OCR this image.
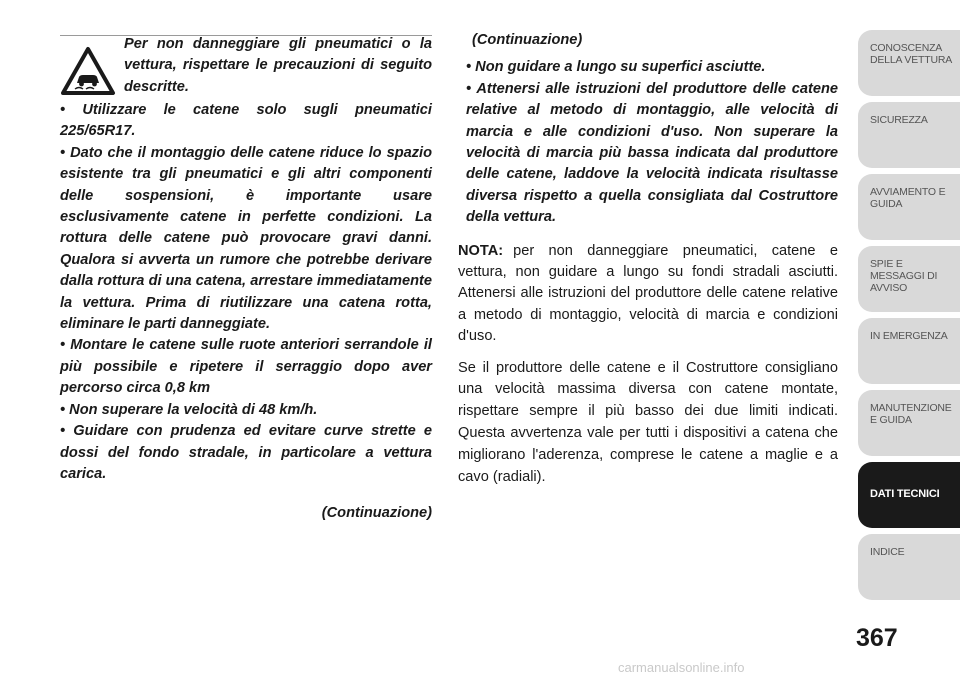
Per non danneggiare gli pneumatici o la vettura, rispettare le precauzioni di seguito descritte.
• Utilizzare le catene solo sugli pneumatici 225/65R17.
• Dato che il montaggio delle catene riduce lo spazio esistente tra gli pneumatici e gli altri componenti delle sospensioni, è importante usare esclusivamente catene in perfette condizioni. La rottura delle catene può provocare gravi danni. Qualora si avverta un rumore che potrebbe derivare dalla rottura di una catena, arrestare immediatamente la vettura. Prima di riutilizzare una catena rotta, eliminare le parti danneggiate.
• Montare le catene sulle ruote anteriori serrandole il più possibile e ripetere il serraggio dopo aver percorso circa 0,8 km
• Non superare la velocità di 48 km/h.
• Guidare con prudenza ed evitare curve strette e dossi del fondo stradale, in particolare a vettura carica.
(Continuazione)
(Continuazione)
• Non guidare a lungo su superfici asciutte.
• Attenersi alle istruzioni del produttore delle catene relative al metodo di montaggio, alle velocità di marcia e alle condizioni d'uso. Non superare la velocità di marcia più bassa indicata dal produttore delle catene, laddove la velocità indicata risultasse diversa rispetto a quella consigliata dal Costruttore della vettura.
NOTA: per non danneggiare pneumatici, catene e vettura, non guidare a lungo su fondi stradali asciutti. Attenersi alle istruzioni del produttore delle catene relative a metodo di montaggio, velocità di marcia e condizioni d'uso.
Se il produttore delle catene e il Costruttore consigliano una velocità massima diversa con catene montate, rispettare sempre il più basso dei due limiti indicati. Questa avvertenza vale per tutti i dispositivi a catena che migliorano l'aderenza, comprese le catene a maglie e a cavo (radiali).
CONOSCENZA DELLA VETTURA
SICUREZZA
AVVIAMENTO E GUIDA
SPIE E MESSAGGI DI AVVISO
IN EMERGENZA
MANUTENZIONE E GUIDA
DATI TECNICI
INDICE
367
carmanualsonline.info
